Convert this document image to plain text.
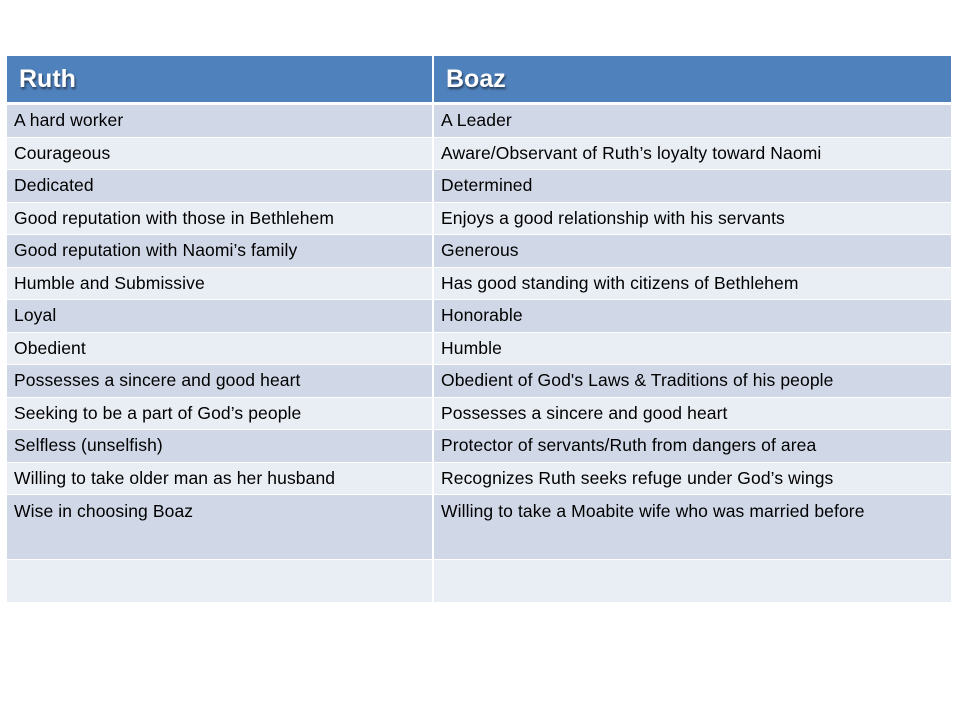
Ruth	Boaz
A hard worker	A Leader
Courageous	Aware/Observant of Ruth’s loyalty toward Naomi
Dedicated	Determined
Good reputation with those in Bethlehem	Enjoys a good relationship with his servants
Good reputation with Naomi’s family	Generous
Humble and Submissive	Has good standing with citizens of Bethlehem
Loyal	Honorable
Obedient	Humble
Possesses a sincere and good heart	Obedient of God's Laws & Traditions of his people
Seeking to be a part of God’s people	Possesses a sincere and good heart
Selfless (unselfish)	Protector of servants/Ruth from dangers of area
Willing to take older man as her husband	Recognizes Ruth seeks refuge under God’s wings
Wise in choosing Boaz	Willing to take a Moabite wife who was married before
